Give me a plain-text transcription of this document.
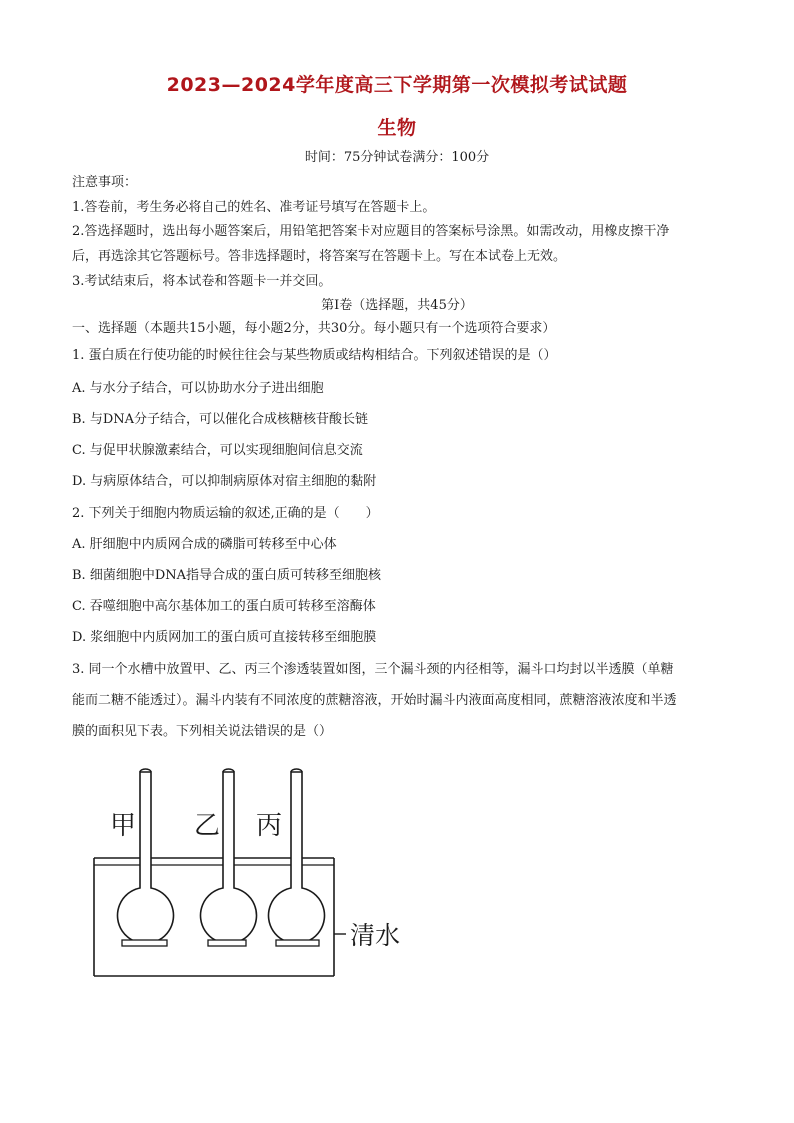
2023—2024学年度高三下学期第一次模拟考试试题
生物
时间：75分钟试卷满分：100分
注意事项：
1.答卷前，考生务必将自己的姓名、准考证号填写在答题卡上。
2.答选择题时，选出每小题答案后，用铅笔把答案卡对应题目的答案标号涂黑。如需改动，用橡皮擦干净
后，再选涂其它答题标号。答非选择题时，将答案写在答题卡上。写在本试卷上无效。
3.考试结束后，将本试卷和答题卡一并交回。
第Ⅰ卷（选择题，共45分）
一、选择题（本题共15小题，每小题2分，共30分。每小题只有一个选项符合要求）
1. 蛋白质在行使功能的时候往往会与某些物质或结构相结合。下列叙述错误的是（）
A. 与水分子结合，可以协助水分子进出细胞
B. 与DNA分子结合，可以催化合成核糖核苷酸长链
C. 与促甲状腺激素结合，可以实现细胞间信息交流
D. 与病原体结合，可以抑制病原体对宿主细胞的黏附
2. 下列关于细胞内物质运输的叙述,正确的是（　　）
A. 肝细胞中内质网合成的磷脂可转移至中心体
B. 细菌细胞中DNA指导合成的蛋白质可转移至细胞核
C. 吞噬细胞中高尔基体加工的蛋白质可转移至溶酶体
D. 浆细胞中内质网加工的蛋白质可直接转移至细胞膜
3. 同一个水槽中放置甲、乙、丙三个渗透装置如图，三个漏斗颈的内径相等，漏斗口均封以半透膜（单糖
能而二糖不能透过）。漏斗内装有不同浓度的蔗糖溶液，开始时漏斗内液面高度相同，蔗糖溶液浓度和半透
膜的面积见下表。下列相关说法错误的是（）
甲 乙 丙
清水
